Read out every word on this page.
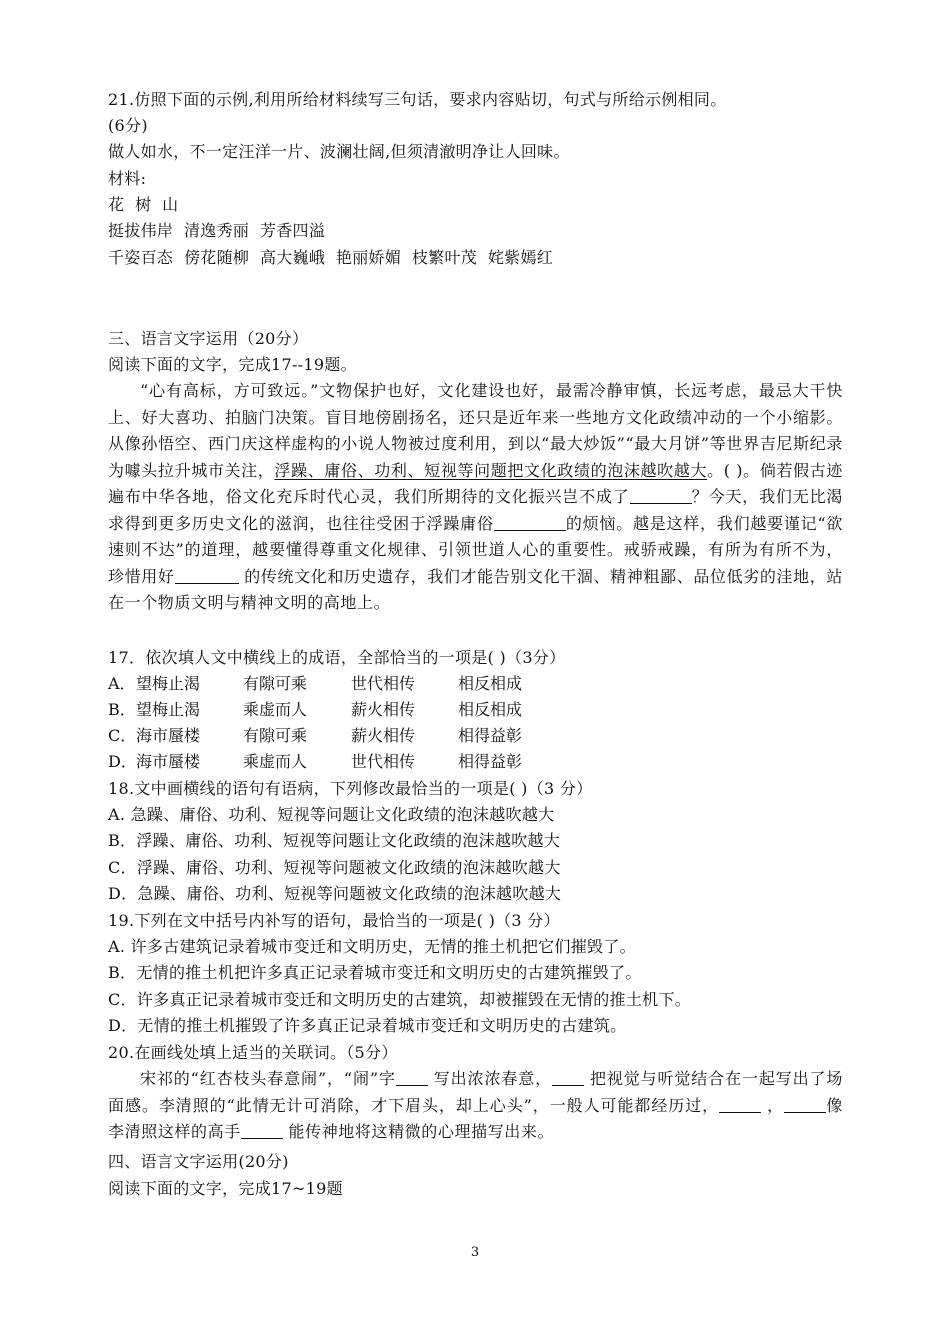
21.仿照下面的示例,利用所给材料续写三句话，要求内容贴切，句式与所给示例相同。
(6分)
做人如水，不一定汪洋一片、波澜壮阔,但须清澈明净让人回味。
材料:
花  树  山
挺拔伟岸  清逸秀丽  芳香四溢
千姿百态  傍花随柳  高大巍峨  艳丽娇媚  枝繁叶茂  姹紫嫣红
三、语言文字运用（20分）
阅读下面的文字，完成17--19题。

“心有高标，方可致远。”文物保护也好，文化建设也好，最需冷静审慎，长远考虑，最忌大干快上、好大喜功、拍脑门决策。盲目地傍剧扬名，还只是近年来一些地方文化政绩冲动的一个小缩影。从像孙悟空、西门庆这样虚构的小说人物被过度利用，到以“最大炒饭”“最大月饼”等世界吉尼斯纪录为噱头拉升城市关注，浮躁、庸俗、功利、短视等问题把文化政绩的泡沫越吹越大。( )。倘若假古迹遍布中华各地，俗文化充斥时代心灵，我们所期待的文化振兴岂不成了	？今天，我们无比渴求得到更多历史文化的滋润，也往往受困于浮躁庸俗	的烦恼。越是这样，我们越要谨记“欲速则不达”的道理，越要懂得尊重文化规律、引领世道人心的重要性。戒骄戒躁，有所为有所不为，珍惜用好	的传统文化和历史遗存，我们才能告别文化干涸、精神粗鄙、品位低劣的洼地，站在一个物质文明与精神文明的高地上。

17．依次填人文中横线上的成语，全部恰当的一项是( )（3分）
A． 望梅止渴	有隙可乘	世代相传	相反相成
B． 望梅止渴	乘虚而人	薪火相传	相反相成
C． 海市蜃楼	有隙可乘	薪火相传	相得益彰
D． 海市蜃楼	乘虚而人	世代相传	相得益彰
18.文中画横线的语句有语病，下列修改最恰当的一项是( )（3 分）
A. 急躁、庸俗、功利、短视等问题让文化政绩的泡沫越吹越大
B．浮躁、庸俗、功利、短视等问题让文化政绩的泡沫越吹越大
C．浮躁、庸俗、功利、短视等问题被文化政绩的泡沫越吹越大
D．急躁、庸俗、功利、短视等问题被文化政绩的泡沫越吹越大
19.下列在文中括号内补写的语句，最恰当的一项是( )（3 分）
A. 许多古建筑记录着城市变迁和文明历史，无情的推土机把它们摧毁了。
B．无情的推土机把许多真正记录着城市变迁和文明历史的古建筑摧毁了。
C．许多真正记录着城市变迁和文明历史的古建筑，却被摧毁在无情的推土机下。
D．无情的推土机摧毁了许多真正记录着城市变迁和文明历史的古建筑。
20.在画线处填上适当的关联词。（5分）

宋祁的“红杏枝头春意闹”，“闹”字 写出浓浓春意， 把视觉与听觉结合在一起写出了场面感。李清照的“此情无计可消除，才下眉头，却上心头”，一般人可能都经历过，	，	像李清照这样的高手	能传神地将这精微的心理描写出来。

四、语言文字运用(20分)
阅读下面的文字，完成17~19题
3
